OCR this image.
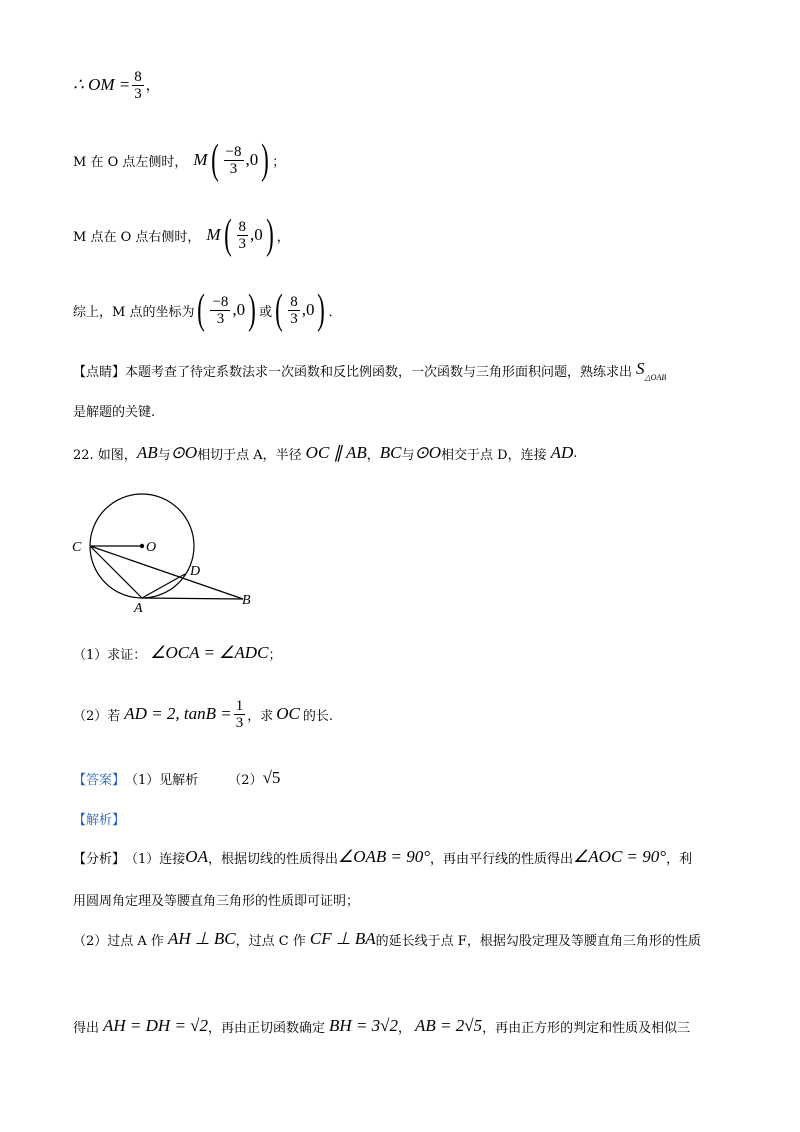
∴ OM = $\frac{8}{3}$ ，
M 在 O 点左侧时， M ( $\frac{-8}{3} ,0$ ) ；
M 点在 O 点右侧时， M ( $\frac{8}{3} ,0$ ) ，
综上，M 点的坐标为 ( $\frac{-8}{3} ,0$ ) 或 ( $\frac{8}{3} ,0$ ) ．
【点睛】 本题考查了待定系数法求一次函数和反比例函数，一次函数与三角形面积问题，熟练求出 $S_{\triangle OAB}$
是解题的关键.
22. 如图， AB 与 ⊙O 相切于点 A，半径 OC ∥ AB ， BC 与 ⊙O 相交于点 D，连接 AD .
C	O
D
A
B
（1）求证： ∠OCA = ∠ADC ；
（2）若 AD = 2, $\tan B = \frac{1}{3}$ ，求 OC 的长.
【答案】 （1）见解析 （2） √5
【解析】
【分析】 （1）连接 OA ，根据切线的性质得出 ∠OAB = 90° ，再由平行线的性质得出 ∠AOC = 90° ，利
用圆周角定理及等腰直角三角形的性质即可证明；
（2）过点 A 作 AH ⊥ BC ，过点 C 作 CF ⊥ BA 的延长线于点 F，根据勾股定理及等腰直角三角形的性质
得出 AH = DH = √2 ，再由正切函数确定 BH = 3√2 ， AB = 2√5 ，再由正方形的判定和性质及相似三
